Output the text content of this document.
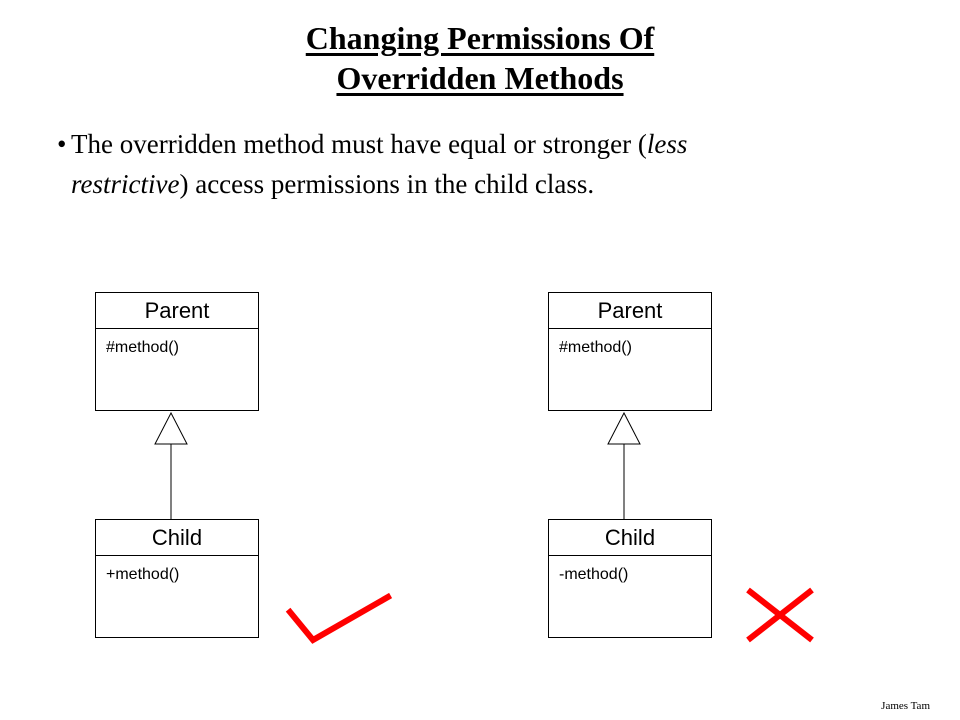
Changing Permissions Of
Overridden Methods
• The overridden method must have equal or stronger (less
restrictive) access permissions in the child class.
Parent
#method()
Child
+method()
Parent
#method()
Child
-method()
James Tam
